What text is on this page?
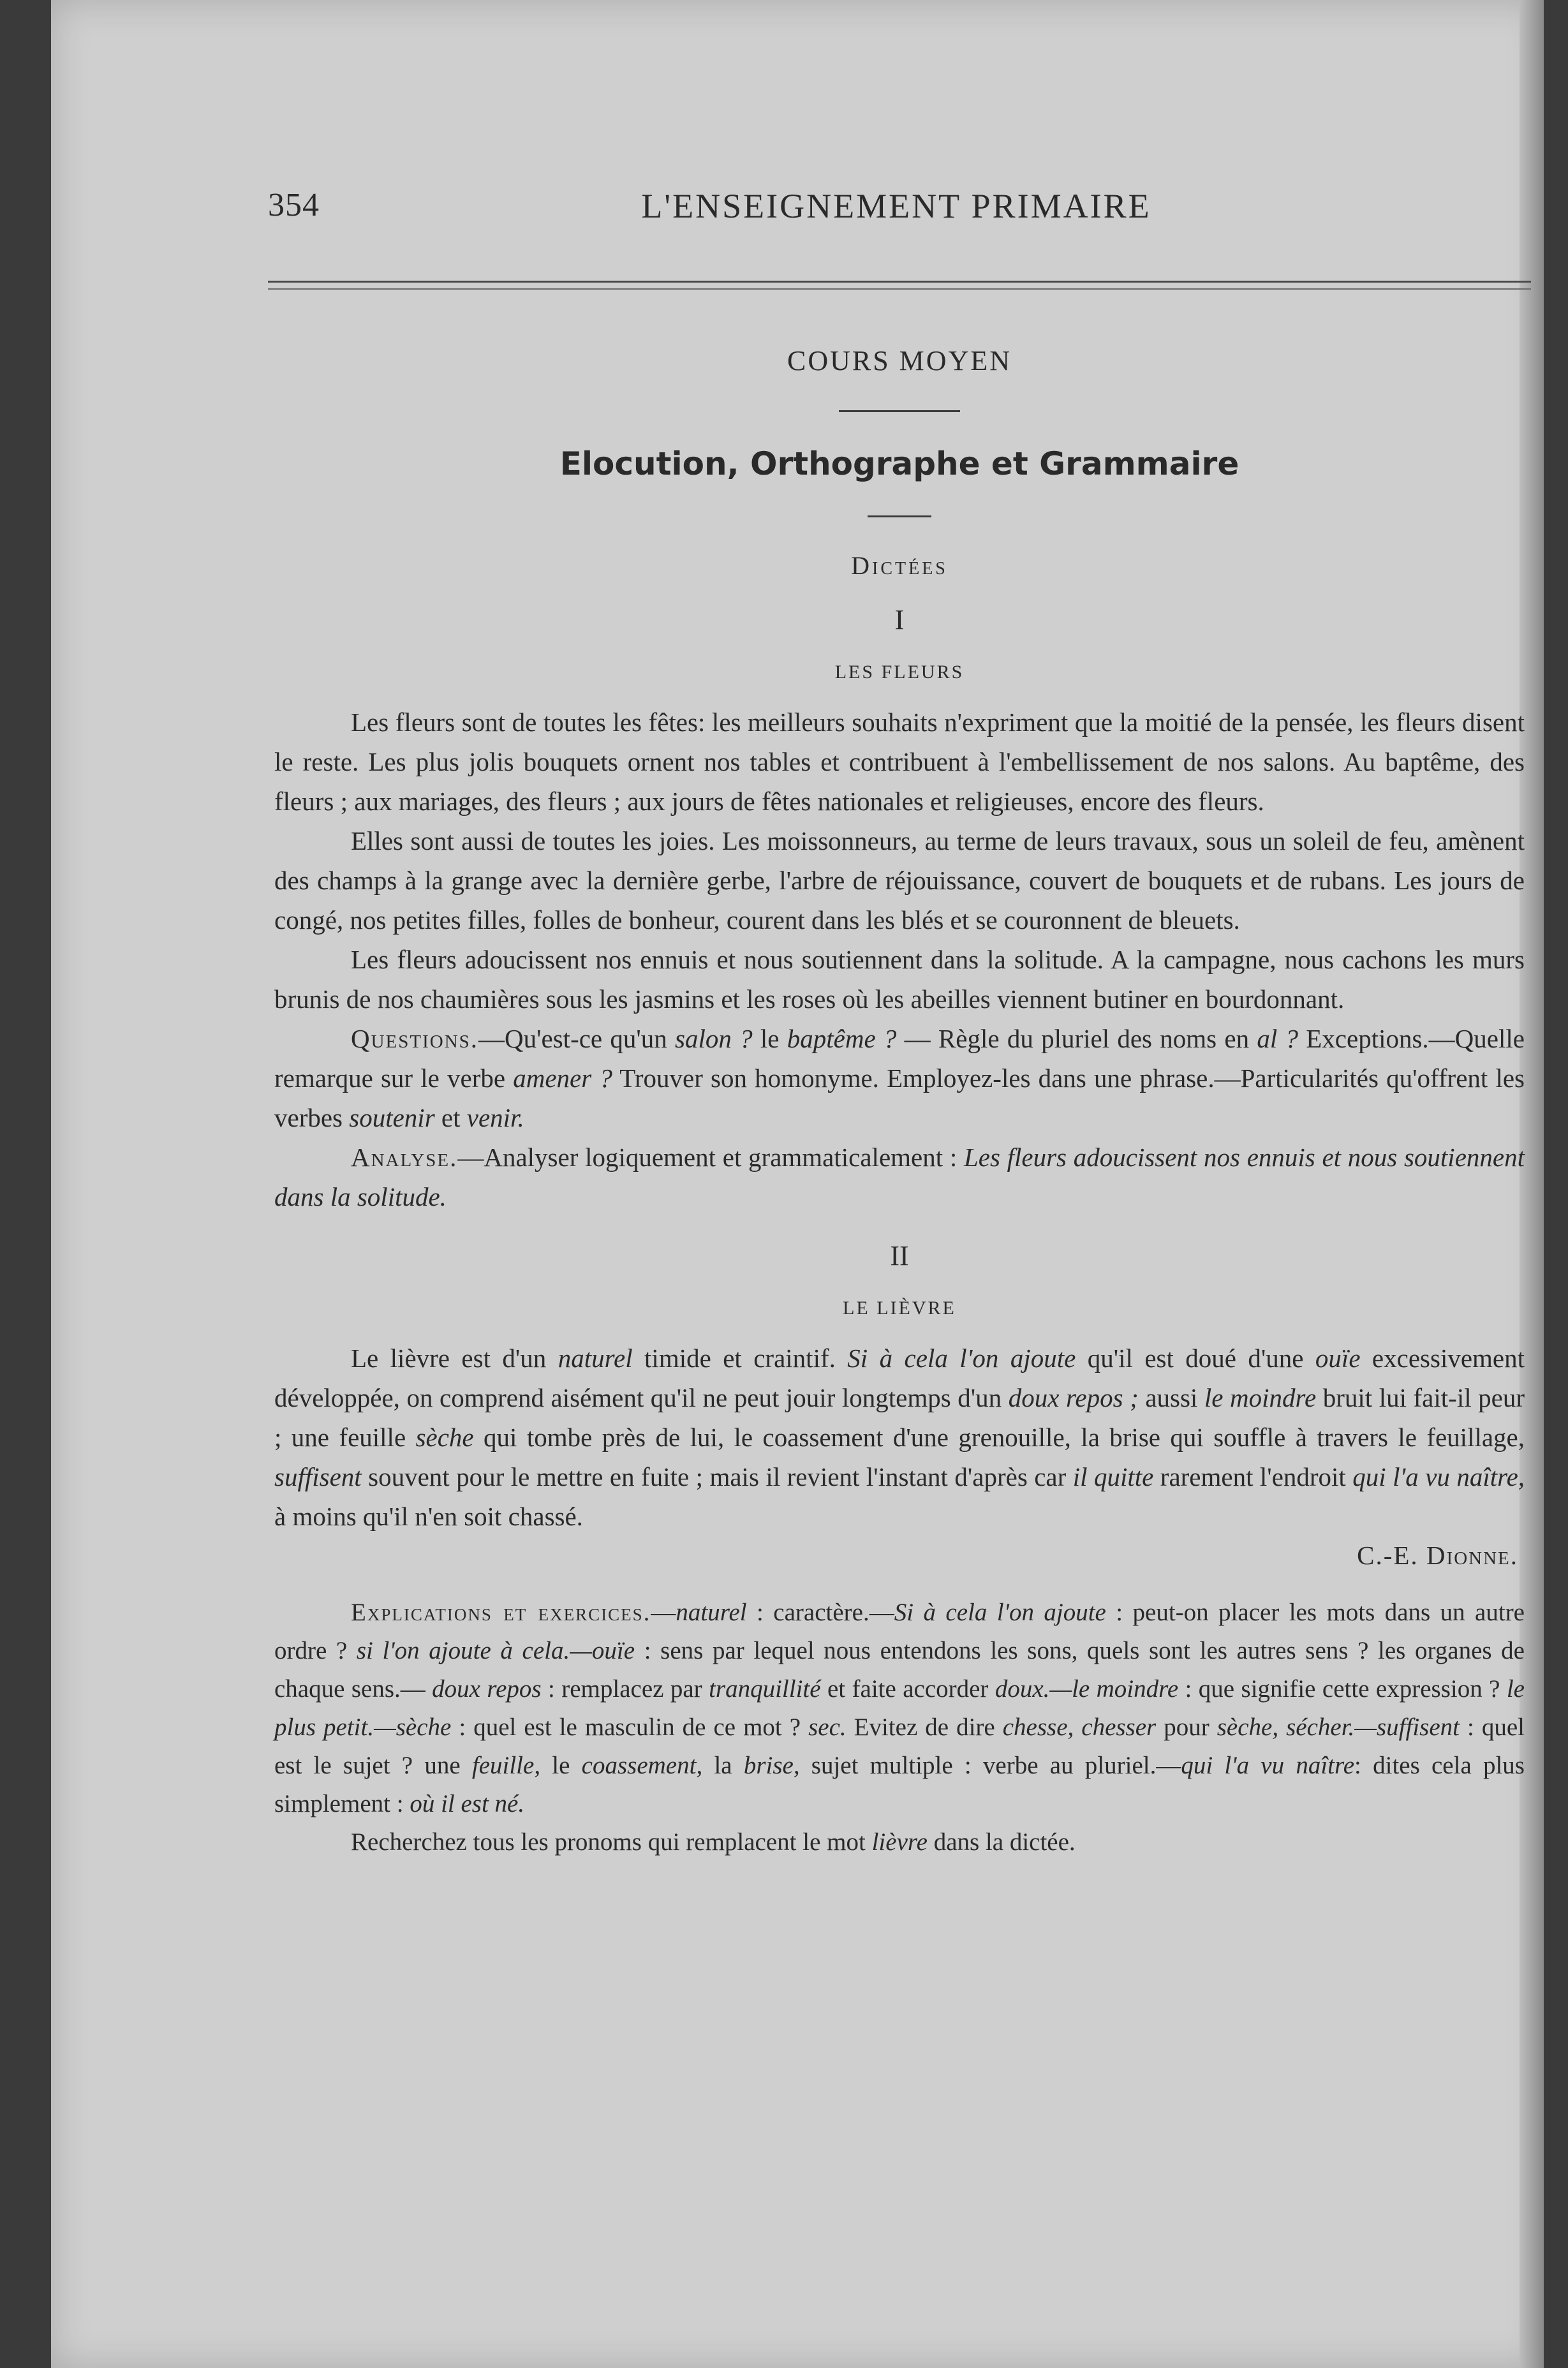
354	L'ENSEIGNEMENT PRIMAIRE

COURS MOYEN

Elocution, Orthographe et Grammaire

Dictées

I

LES FLEURS

Les fleurs sont de toutes les fêtes: les meilleurs souhaits n'expriment que la moitié de la pensée, les fleurs disent le reste. Les plus jolis bouquets ornent nos tables et contribuent à l'embellissement de nos salons. Au baptême, des fleurs ; aux mariages, des fleurs ; aux jours de fêtes nationales et religieuses, encore des fleurs.

Elles sont aussi de toutes les joies. Les moissonneurs, au terme de leurs travaux, sous un soleil de feu, amènent des champs à la grange avec la dernière gerbe, l'arbre de réjouissance, couvert de bouquets et de rubans. Les jours de congé, nos petites filles, folles de bonheur, courent dans les blés et se couronnent de bleuets.

Les fleurs adoucissent nos ennuis et nous soutiennent dans la solitude. A la campagne, nous cachons les murs brunis de nos chaumières sous les jasmins et les roses où les abeilles viennent butiner en bourdonnant.

Questions.—Qu'est-ce qu'un salon ? le baptême ? — Règle du pluriel des noms en al ? Exceptions.—Quelle remarque sur le verbe amener ? Trouver son homonyme. Employez-les dans une phrase.—Particularités qu'offrent les verbes soutenir et venir.

Analyse.—Analyser logiquement et grammaticalement : Les fleurs adoucissent nos ennuis et nous soutiennent dans la solitude.

II

LE LIÈVRE

Le lièvre est d'un naturel timide et craintif. Si à cela l'on ajoute qu'il est doué d'une ouïe excessivement développée, on comprend aisément qu'il ne peut jouir longtemps d'un doux repos ; aussi le moindre bruit lui fait-il peur ; une feuille sèche qui tombe près de lui, le coassement d'une grenouille, la brise qui souffle à travers le feuillage, suffisent souvent pour le mettre en fuite ; mais il revient l'instant d'après car il quitte rarement l'endroit qui l'a vu naître, à moins qu'il n'en soit chassé.

C.-E. Dionne.

Explications et exercices.—naturel : caractère.—Si à cela l'on ajoute : peut-on placer les mots dans un autre ordre ? si l'on ajoute à cela.—ouïe : sens par lequel nous entendons les sons, quels sont les autres sens ? les organes de chaque sens.— doux repos : remplacez par tranquillité et faite accorder doux.—le moindre : que signifie cette expression ? le plus petit.—sèche : quel est le masculin de ce mot ? sec. Evitez de dire chesse, chesser pour sèche, sécher.—suffisent : quel est le sujet ? une feuille, le coassement, la brise, sujet multiple : verbe au pluriel.—qui l'a vu naître: dites cela plus simplement : où il est né.

Recherchez tous les pronoms qui remplacent le mot lièvre dans la dictée.
